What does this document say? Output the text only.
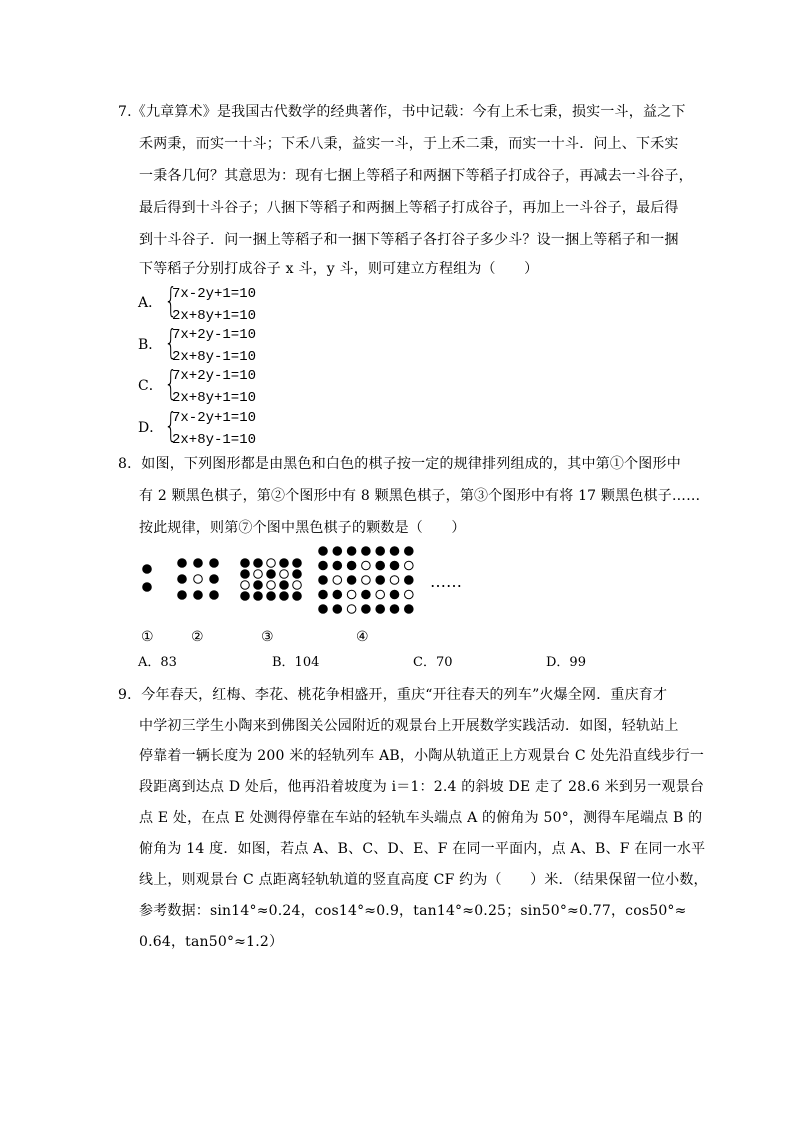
7.《九章算术》是我国古代数学的经典著作，书中记载：今有上禾七秉，损实一斗，益之下
禾两秉，而实一十斗；下禾八秉，益实一斗，于上禾二秉，而实一十斗．问上、下禾实
一秉各几何？其意思为：现有七捆上等稻子和两捆下等稻子打成谷子，再减去一斗谷子，
最后得到十斗谷子；八捆下等稻子和两捆上等稻子打成谷子，再加上一斗谷子，最后得
到十斗谷子．问一捆上等稻子和一捆下等稻子各打谷子多少斗？设一捆上等稻子和一捆
下等稻子分别打成谷子 x 斗，y 斗，则可建立方程组为（　　）
A． {
7x-2y+1=10
2x+8y+1=10
B． {
7x+2y-1=10
2x+8y-1=10
C． {
7x+2y-1=10
2x+8y+1=10
D． {
7x-2y+1=10
2x+8y-1=10
8．如图，下列图形都是由黑色和白色的棋子按一定的规律排列组成的，其中第①个图形中
有 2 颗黑色棋子，第②个图形中有 8 颗黑色棋子，第③个图形中有将 17 颗黑色棋子……
按此规律，则第⑦个图中黑色棋子的颗数是（　　）
……
①	②	③	④
A．83	B．104	C．70	D．99
9．今年春天，红梅、李花、桃花争相盛开，重庆“开往春天的列车”火爆全网．重庆育才
中学初三学生小陶来到佛图关公园附近的观景台上开展数学实践活动．如图，轻轨站上
停靠着一辆长度为 200 米的轻轨列车 AB，小陶从轨道正上方观景台 C 处先沿直线步行一
段距离到达点 D 处后，他再沿着坡度为 i＝1：2.4 的斜坡 DE 走了 28.6 米到另一观景台
点 E 处，在点 E 处测得停靠在车站的轻轨车头端点 A 的俯角为 50°，测得车尾端点 B 的
俯角为 14 度．如图，若点 A、B、C、D、E、F 在同一平面内，点 A、B、F 在同一水平
线上，则观景台 C 点距离轻轨轨道的竖直高度 CF 约为（　　）米．（结果保留一位小数，
参考数据：sin14°≈0.24，cos14°≈0.9，tan14°≈0.25；sin50°≈0.77，cos50°≈
0.64，tan50°≈1.2）
